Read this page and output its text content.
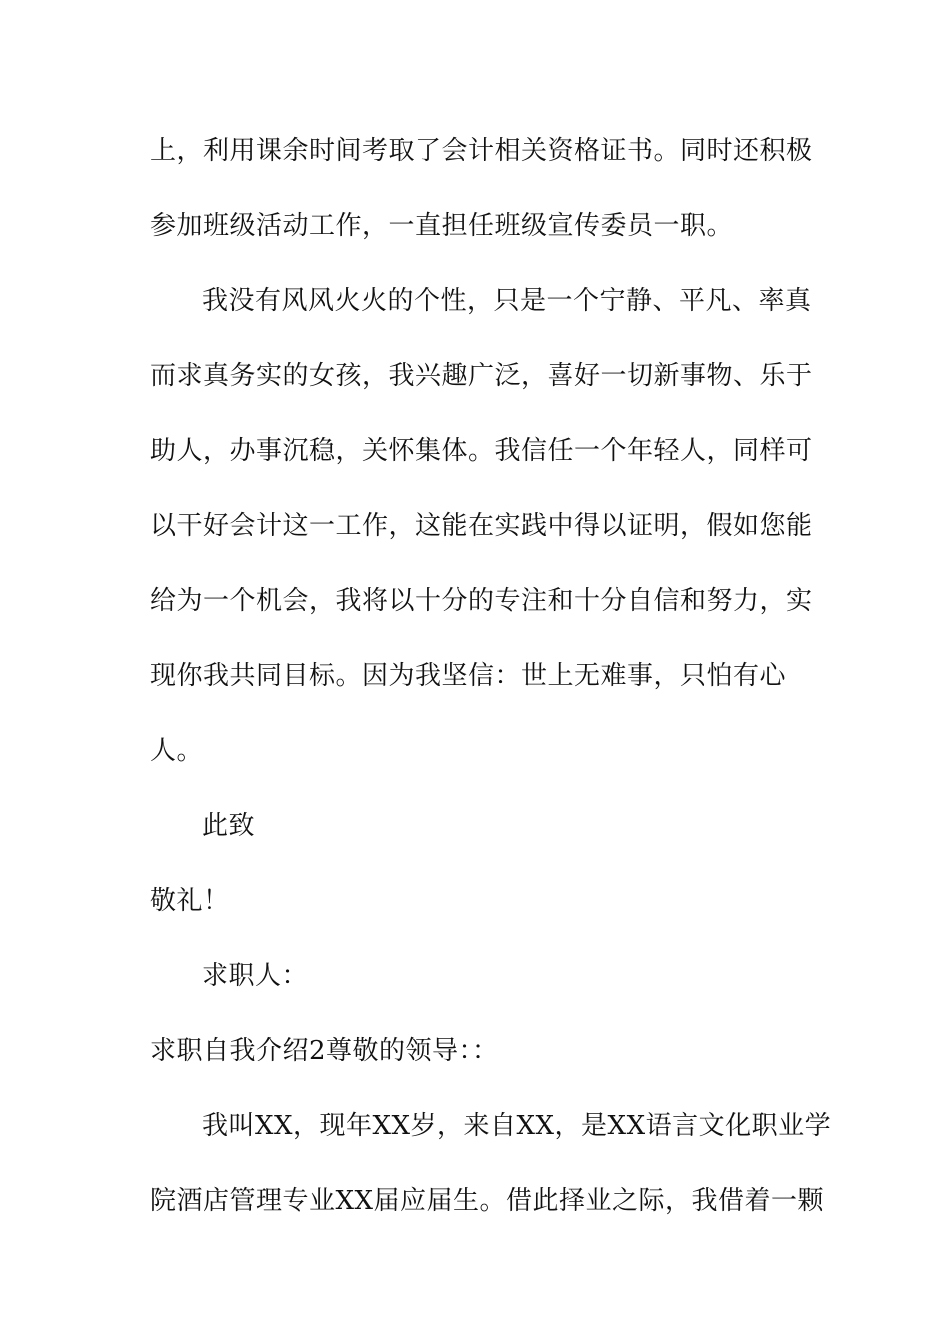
上，利用课余时间考取了会计相关资格证书。同时还积极
参加班级活动工作，一直担任班级宣传委员一职。
我没有风风火火的个性，只是一个宁静、平凡、率真
而求真务实的女孩，我兴趣广泛，喜好一切新事物、乐于
助人，办事沉稳，关怀集体。我信任一个年轻人，同样可
以干好会计这一工作，这能在实践中得以证明，假如您能
给为一个机会，我将以十分的专注和十分自信和努力，实
现你我共同目标。因为我坚信：世上无难事，只怕有心
人。
此致
敬礼！
求职人：
求职自我介绍2尊敬的领导：：
我叫XX，现年XX岁，来自XX，是XX语言文化职业学
院酒店管理专业XX届应届生。借此择业之际，我借着一颗
